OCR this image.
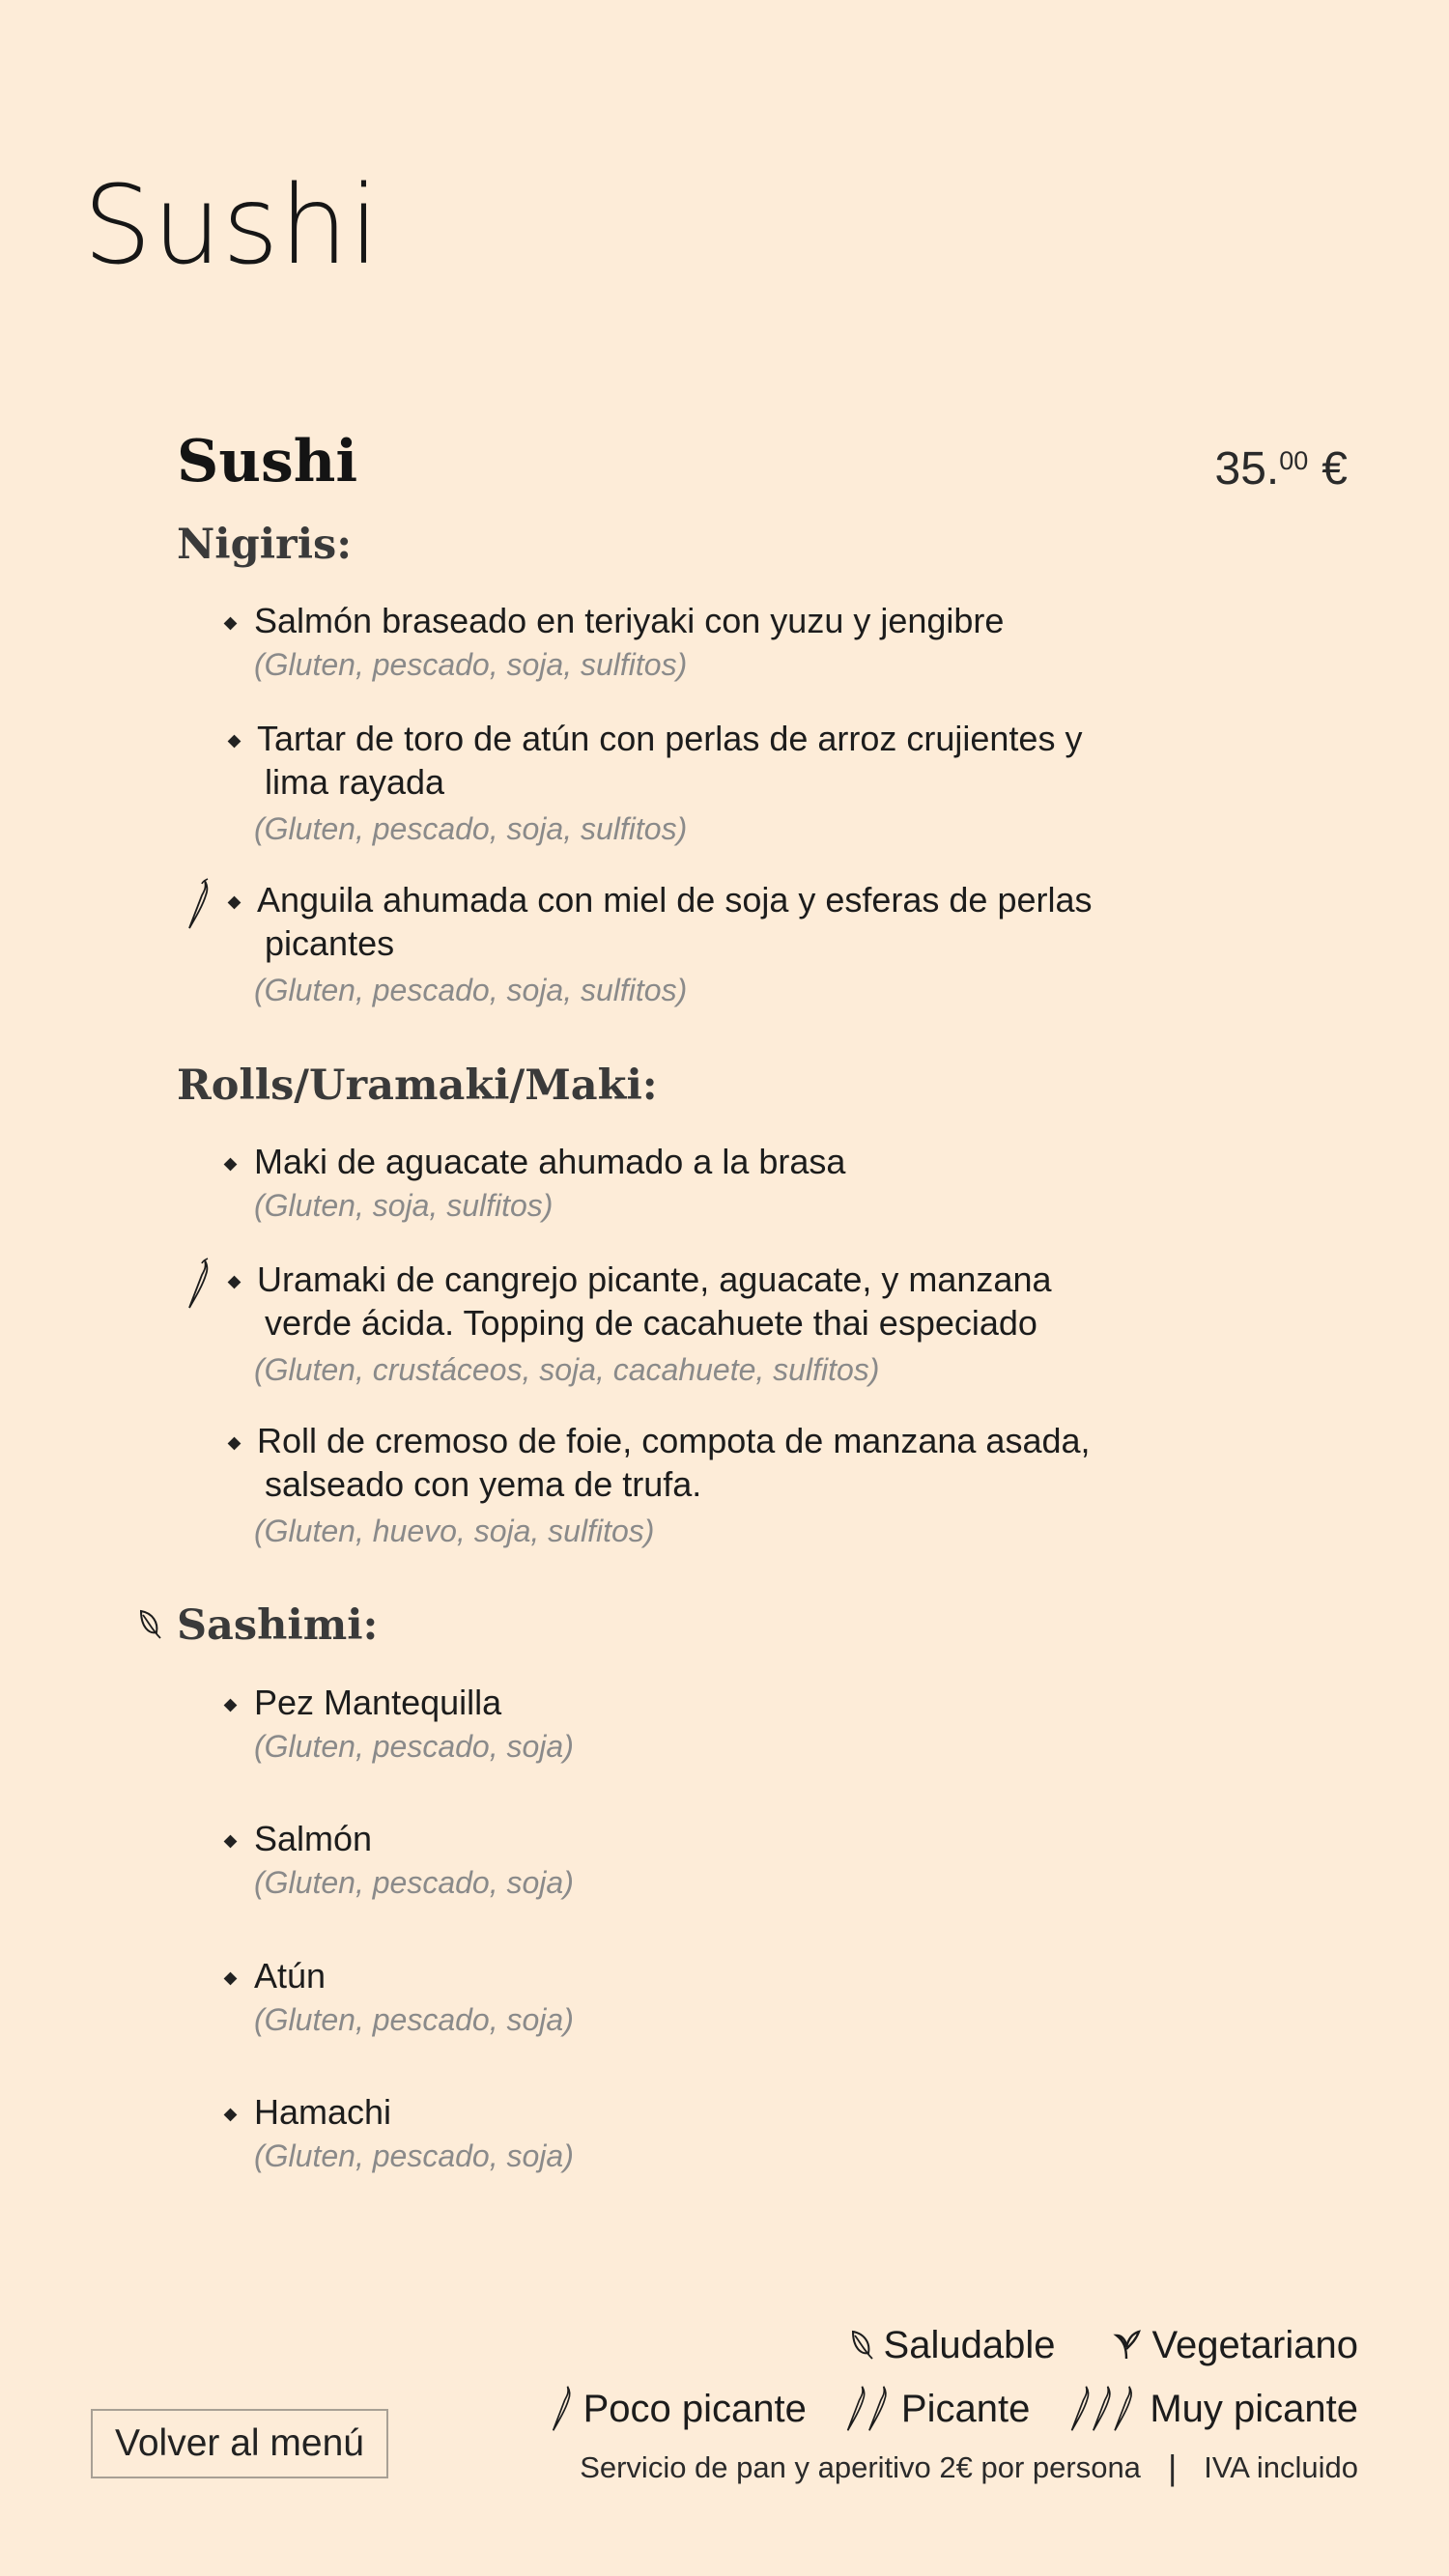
Sushi
Sushi	35. 00 €
Nigiris:
Salmón braseado en teriyaki con yuzu y jengibre
(Gluten, pescado, soja, sulfitos)
Tartar de toro de atún con perlas de arroz crujientes y
lima rayada
(Gluten, pescado, soja, sulfitos)
Anguila ahumada con miel de soja y esferas de perlas
picantes
(Gluten, pescado, soja, sulfitos)
Rolls/Uramaki/Maki:
Maki de aguacate ahumado a la brasa
(Gluten, soja, sulfitos)
Uramaki de cangrejo picante, aguacate, y manzana
verde ácida. Topping de cacahuete thai especiado
(Gluten, crustáceos, soja, cacahuete, sulfitos)
Roll de cremoso de foie, compota de manzana asada,
salseado con yema de trufa.
(Gluten, huevo, soja, sulfitos)
Sashimi:
Pez Mantequilla
(Gluten, pescado, soja)
Salmón
(Gluten, pescado, soja)
Atún
(Gluten, pescado, soja)
Hamachi
(Gluten, pescado, soja)
Saludable	Vegetariano
Poco picante Picante	Muy picante
Servicio de pan y aperitivo 2€ por persona | IVA incluido
Volver al menú
